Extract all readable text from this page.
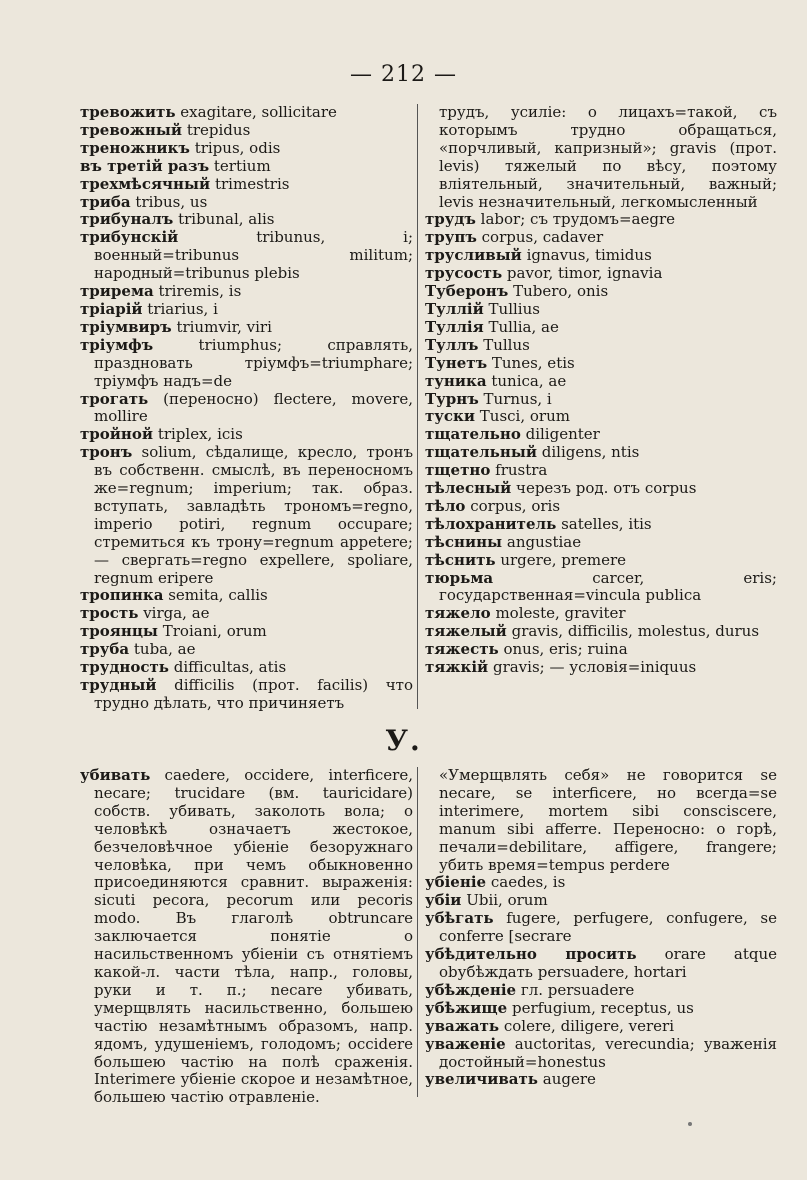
— 212 —
тревожить exagitare, sollicitare
тревожный trepidus
треножникъ tripus, odis
въ третій разъ tertium
трехмѣсячный trimestris
триба tribus, us
трибуналъ tribunal, alis
трибунскій	tribunus, i; военный=tribunus militum; народный=tribunus plebis
трирема triremis, is
тріарій triarius, i
тріумвиръ triumvir, viri
тріумфъ	triumphus; справлять, праздновать тріумфъ=triumphare; тріумфъ надъ=de
трогать (переносно) flectere, movere, mollire
тройной triplex, icis
тронъ solium, сѣдалище, кресло, тронъ въ собственн. смыслѣ, въ переносномъ же=regnum; imperium; так. образ. вступать, завладѣть трономъ=regno, imperio potiri, regnum occupare; стремиться къ трону=regnum appetere; — свергать=regno expellere, spoliare, regnum eripere
тропинка semita, callis
трость virga, ae
троянцы Troiani, orum
труба tuba, ae
трудность difficultas, atis
трудный difficilis (прот. facilis) что трудно дѣлать, что причиняетъ
трудъ, усиліе: о лицахъ=такой, съ которымъ трудно обращаться, «порчливый, капризный»; gravis (прот. levis) тяжелый по вѣсу, поэтому вліятельный, значительный, важный; levis незначительный, легкомысленный
трудъ labor; съ трудомъ=aegre
трупъ corpus, cadaver
трусливый ignavus, timidus
трусость pavor, timor, ignavia
Туберонъ Tubero, onis
Туллій Tullius
Туллія Tullia, ae
Туллъ Tullus
Тунетъ Tunes, etis
туника tunica, ae
Турнъ Turnus, i
туски Tusci, orum
тщательно diligenter
тщательный diligens, ntis
тщетно frustra
тѣлесный черезъ род. отъ corpus
тѣло corpus, oris
тѣлохранитель satelles, itis
тѣснины angustiae
тѣснить urgere, premere
тюрьма	carcer, eris; государственная=vincula publica
тяжело moleste, graviter
тяжелый gravis, difficilis, molestus, durus
тяжесть onus, eris; ruina
тяжкій gravis; — условія=iniquus
У.
убивать caedere, occidere, interficere, necare; trucidare (вм. tauricidare) собств. убивать, заколоть вола; о человѣкѣ означаетъ жестокое, безчеловѣчное убіеніе безоружнаго человѣка, при чемъ обыкновенно присоединяются сравнит. выраженія: sicuti pecora, pecorum или pecoris modo. Въ глаголѣ obtruncare заключается понятіе о насильственномъ убіеніи съ отнятіемъ какой-л. части тѣла, напр., головы, руки и т. п.; necare убивать, умерщвлять насильственно, большею частію незамѣтнымъ образомъ, напр. ядомъ, удушеніемъ, голодомъ; occidere большею частію на полѣ сраженія. Interimere убіеніе скорое и незамѣтное, большею частію отравленіе.
«Умерщвлять себя» не говорится se necare, se interficere, но всегда=se interimere, mortem sibi consciscere, manum sibi afferre. Переносно: о горѣ, печали=debilitare, affigere, frangere; убить время=tempus perdere
убіеніе caedes, is
убіи Ubii, orum
убѣгать fugere, perfugere, confugere, se conferre [secrare
убѣдительно просить orare atque obубѣждать persuadere, hortari
убѣжденіе гл. persuadere
убѣжище perfugium, receptus, us
уважать colere, diligere, vereri
уваженіе auctoritas, verecundia; уваженія достойный=honestus
увеличивать augere
